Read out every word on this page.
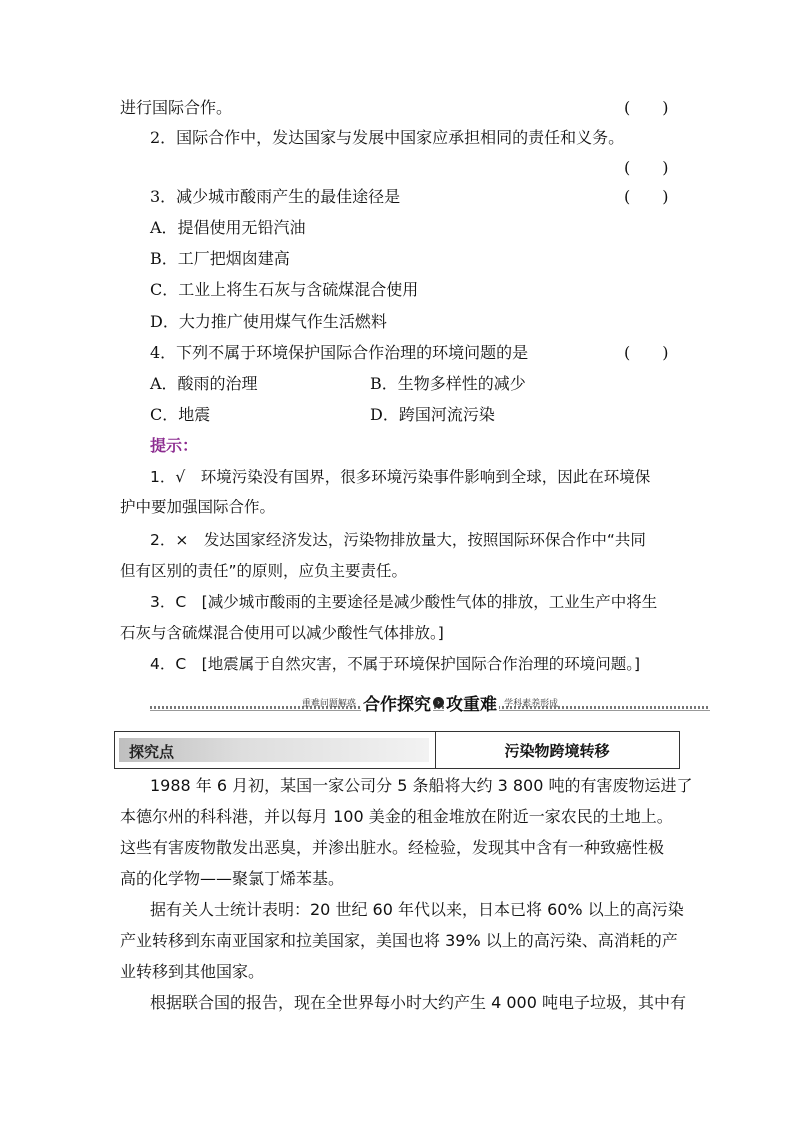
进行国际合作。	(　　)
2．国际合作中，发达国家与发展中国家应承担相同的责任和义务。
(　　)
3．减少城市酸雨产生的最佳途径是	(　　)
A．提倡使用无铅汽油
B．工厂把烟囱建高
C．工业上将生石灰与含硫煤混合使用
D．大力推广使用煤气作生活燃料
4．下列不属于环境保护国际合作治理的环境问题的是	(　　)
A．酸雨的治理	B．生物多样性的减少
C．地震	D．跨国河流污染
提示：
1．√　环境污染没有国界，很多环境污染事件影响到全球，因此在环境保
护中要加强国际合作。
2．×　发达国家经济发达，污染物排放量大，按照国际环保合作中“共同
但有区别的责任”的原则，应负主要责任。
3．C　[减少城市酸雨的主要途径是减少酸性气体的排放，工业生产中将生
石灰与含硫煤混合使用可以减少酸性气体排放。]
4．C　[地震属于自然灾害，不属于环境保护国际合作治理的环境问题。]
重难问题解惑 合作探究 › 攻重难 学科素养形成
探究点	污染物跨境转移
1988 年 6 月初，某国一家公司分 5 条船将大约 3 800 吨的有害废物运进了
本德尔州的科科港，并以每月 100 美金的租金堆放在附近一家农民的土地上。
这些有害废物散发出恶臭，并渗出脏水。经检验，发现其中含有一种致癌性极
高的化学物——聚氯丁烯苯基。
据有关人士统计表明：20 世纪 60 年代以来，日本已将 60% 以上的高污染
产业转移到东南亚国家和拉美国家，美国也将 39% 以上的高污染、高消耗的产
业转移到其他国家。
根据联合国的报告，现在全世界每小时大约产生 4 000 吨电子垃圾，其中有
